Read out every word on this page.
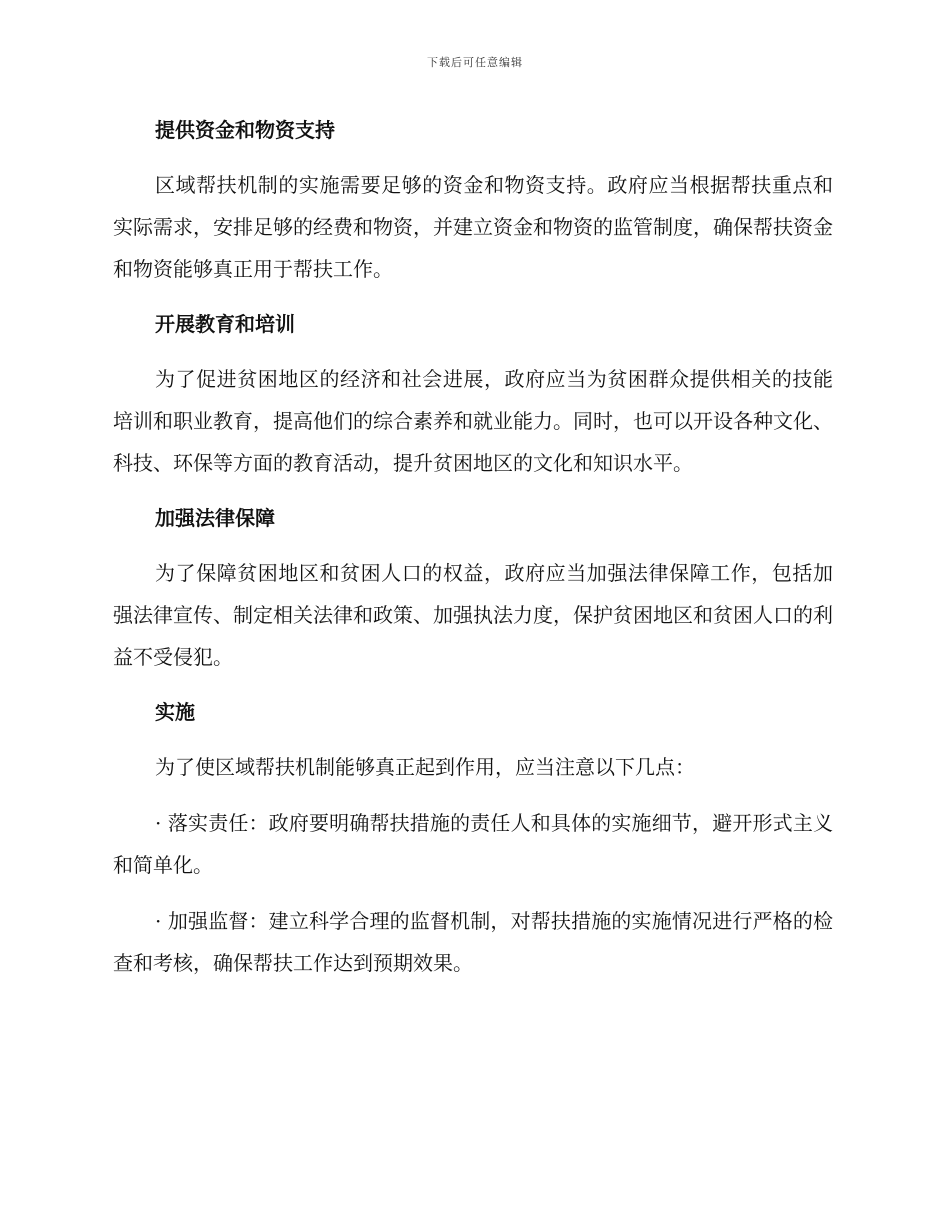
下载后可任意编辑
提供资金和物资支持

区域帮扶机制的实施需要足够的资金和物资支持。政府应当根据帮扶重点和实际需求，安排足够的经费和物资，并建立资金和物资的监管制度，确保帮扶资金和物资能够真正用于帮扶工作。

开展教育和培训

为了促进贫困地区的经济和社会进展，政府应当为贫困群众提供相关的技能培训和职业教育，提高他们的综合素养和就业能力。同时，也可以开设各种文化、科技、环保等方面的教育活动，提升贫困地区的文化和知识水平。

加强法律保障

为了保障贫困地区和贫困人口的权益，政府应当加强法律保障工作，包括加强法律宣传、制定相关法律和政策、加强执法力度，保护贫困地区和贫困人口的利益不受侵犯。

实施

为了使区域帮扶机制能够真正起到作用，应当注意以下几点：

· 落实责任：政府要明确帮扶措施的责任人和具体的实施细节，避开形式主义和简单化。

· 加强监督：建立科学合理的监督机制，对帮扶措施的实施情况进行严格的检查和考核，确保帮扶工作达到预期效果。
